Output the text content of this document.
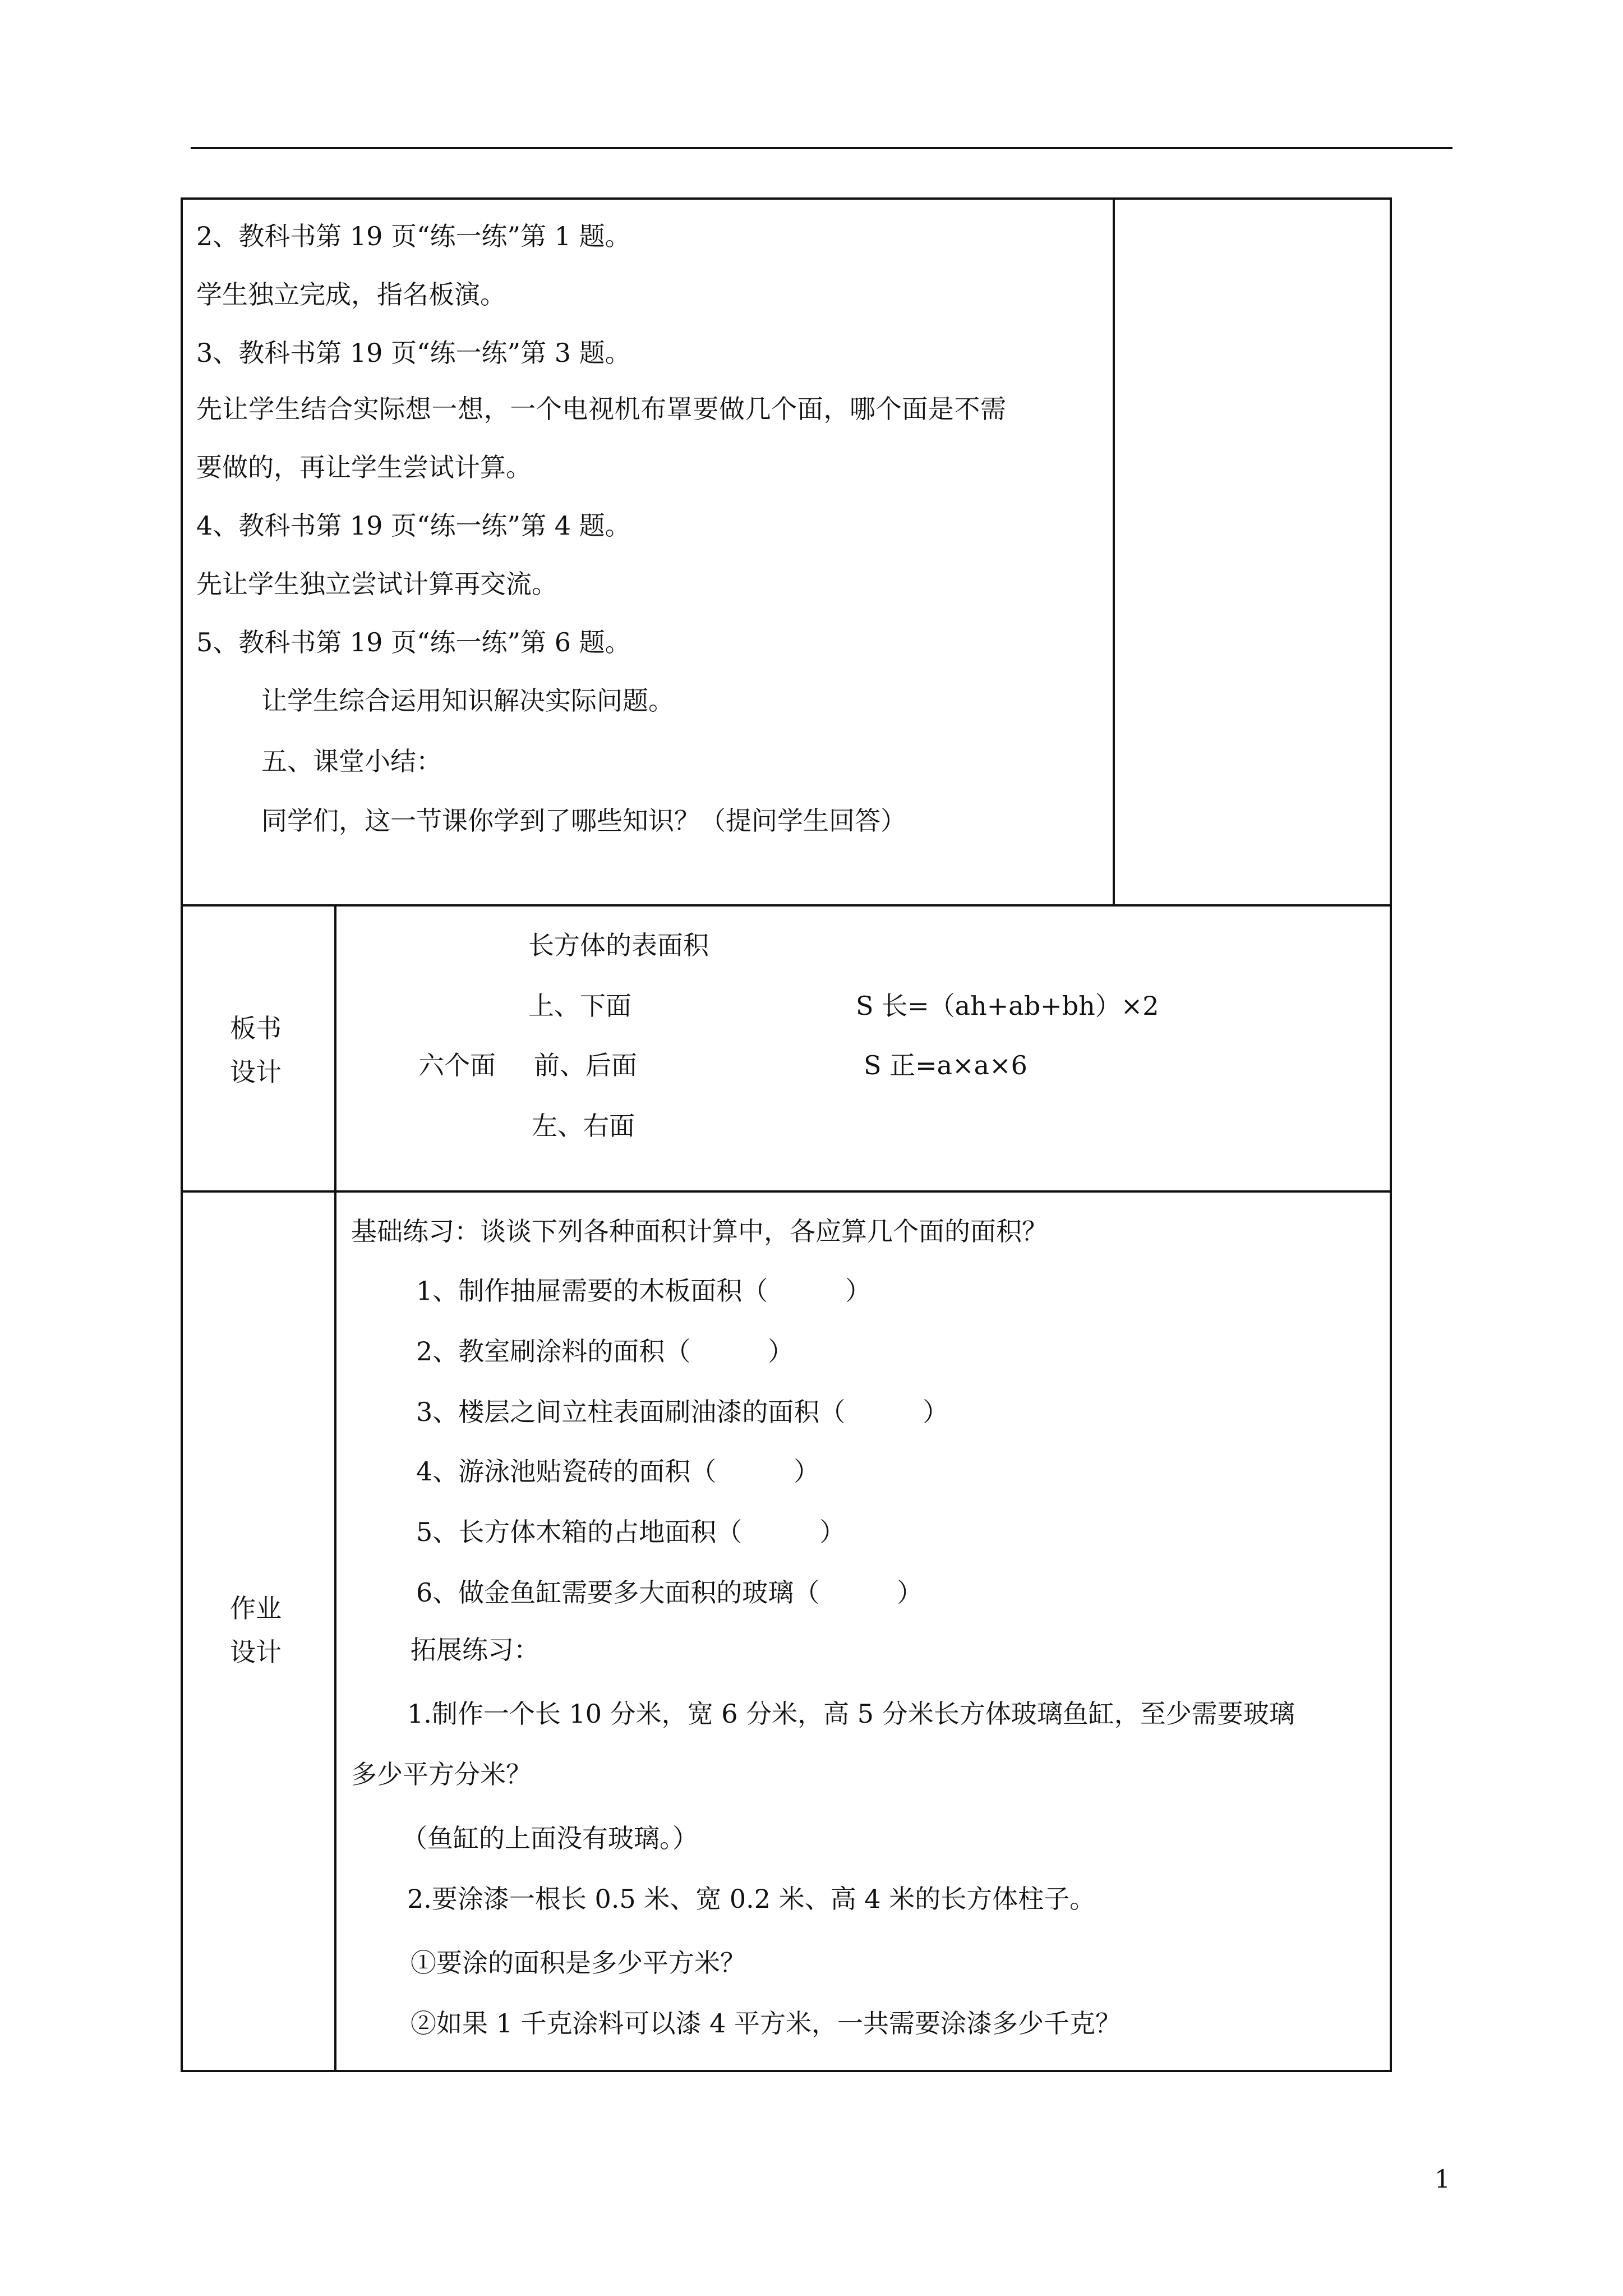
2、教科书第 19 页“练一练”第 1 题。
学生独立完成，指名板演。
3、教科书第 19 页“练一练”第 3 题。
先让学生结合实际想一想，一个电视机布罩要做几个面，哪个面是不需
要做的，再让学生尝试计算。
4、教科书第 19 页“练一练”第 4 题。
先让学生独立尝试计算再交流。
5、教科书第 19 页“练一练”第 6 题。
让学生综合运用知识解决实际问题。
五、课堂小结：
同学们，这一节课你学到了哪些知识？（提问学生回答）
板书
设计
长方体的表面积
上、下面
六个面 前、后面
左、右面
S 长=（ah+ab+bh）×2
S 正=a×a×6
作业
设计
基础练习：谈谈下列各种面积计算中，各应算几个面的面积？
1、制作抽屉需要的木板面积（　　　）
2、教室刷涂料的面积（　　　）
3、楼层之间立柱表面刷油漆的面积（　　　）
4、游泳池贴瓷砖的面积（　　　）
5、长方体木箱的占地面积（　　　）
6、做金鱼缸需要多大面积的玻璃（　　　）
拓展练习：
1.制作一个长 10 分米，宽 6 分米，高 5 分米长方体玻璃鱼缸，至少需要玻璃
多少平方分米？
（鱼缸的上面没有玻璃。）
2.要涂漆一根长 0.5 米、宽 0.2 米、高 4 米的长方体柱子。
①要涂的面积是多少平方米？
②如果 1 千克涂料可以漆 4 平方米，一共需要涂漆多少千克？
1
